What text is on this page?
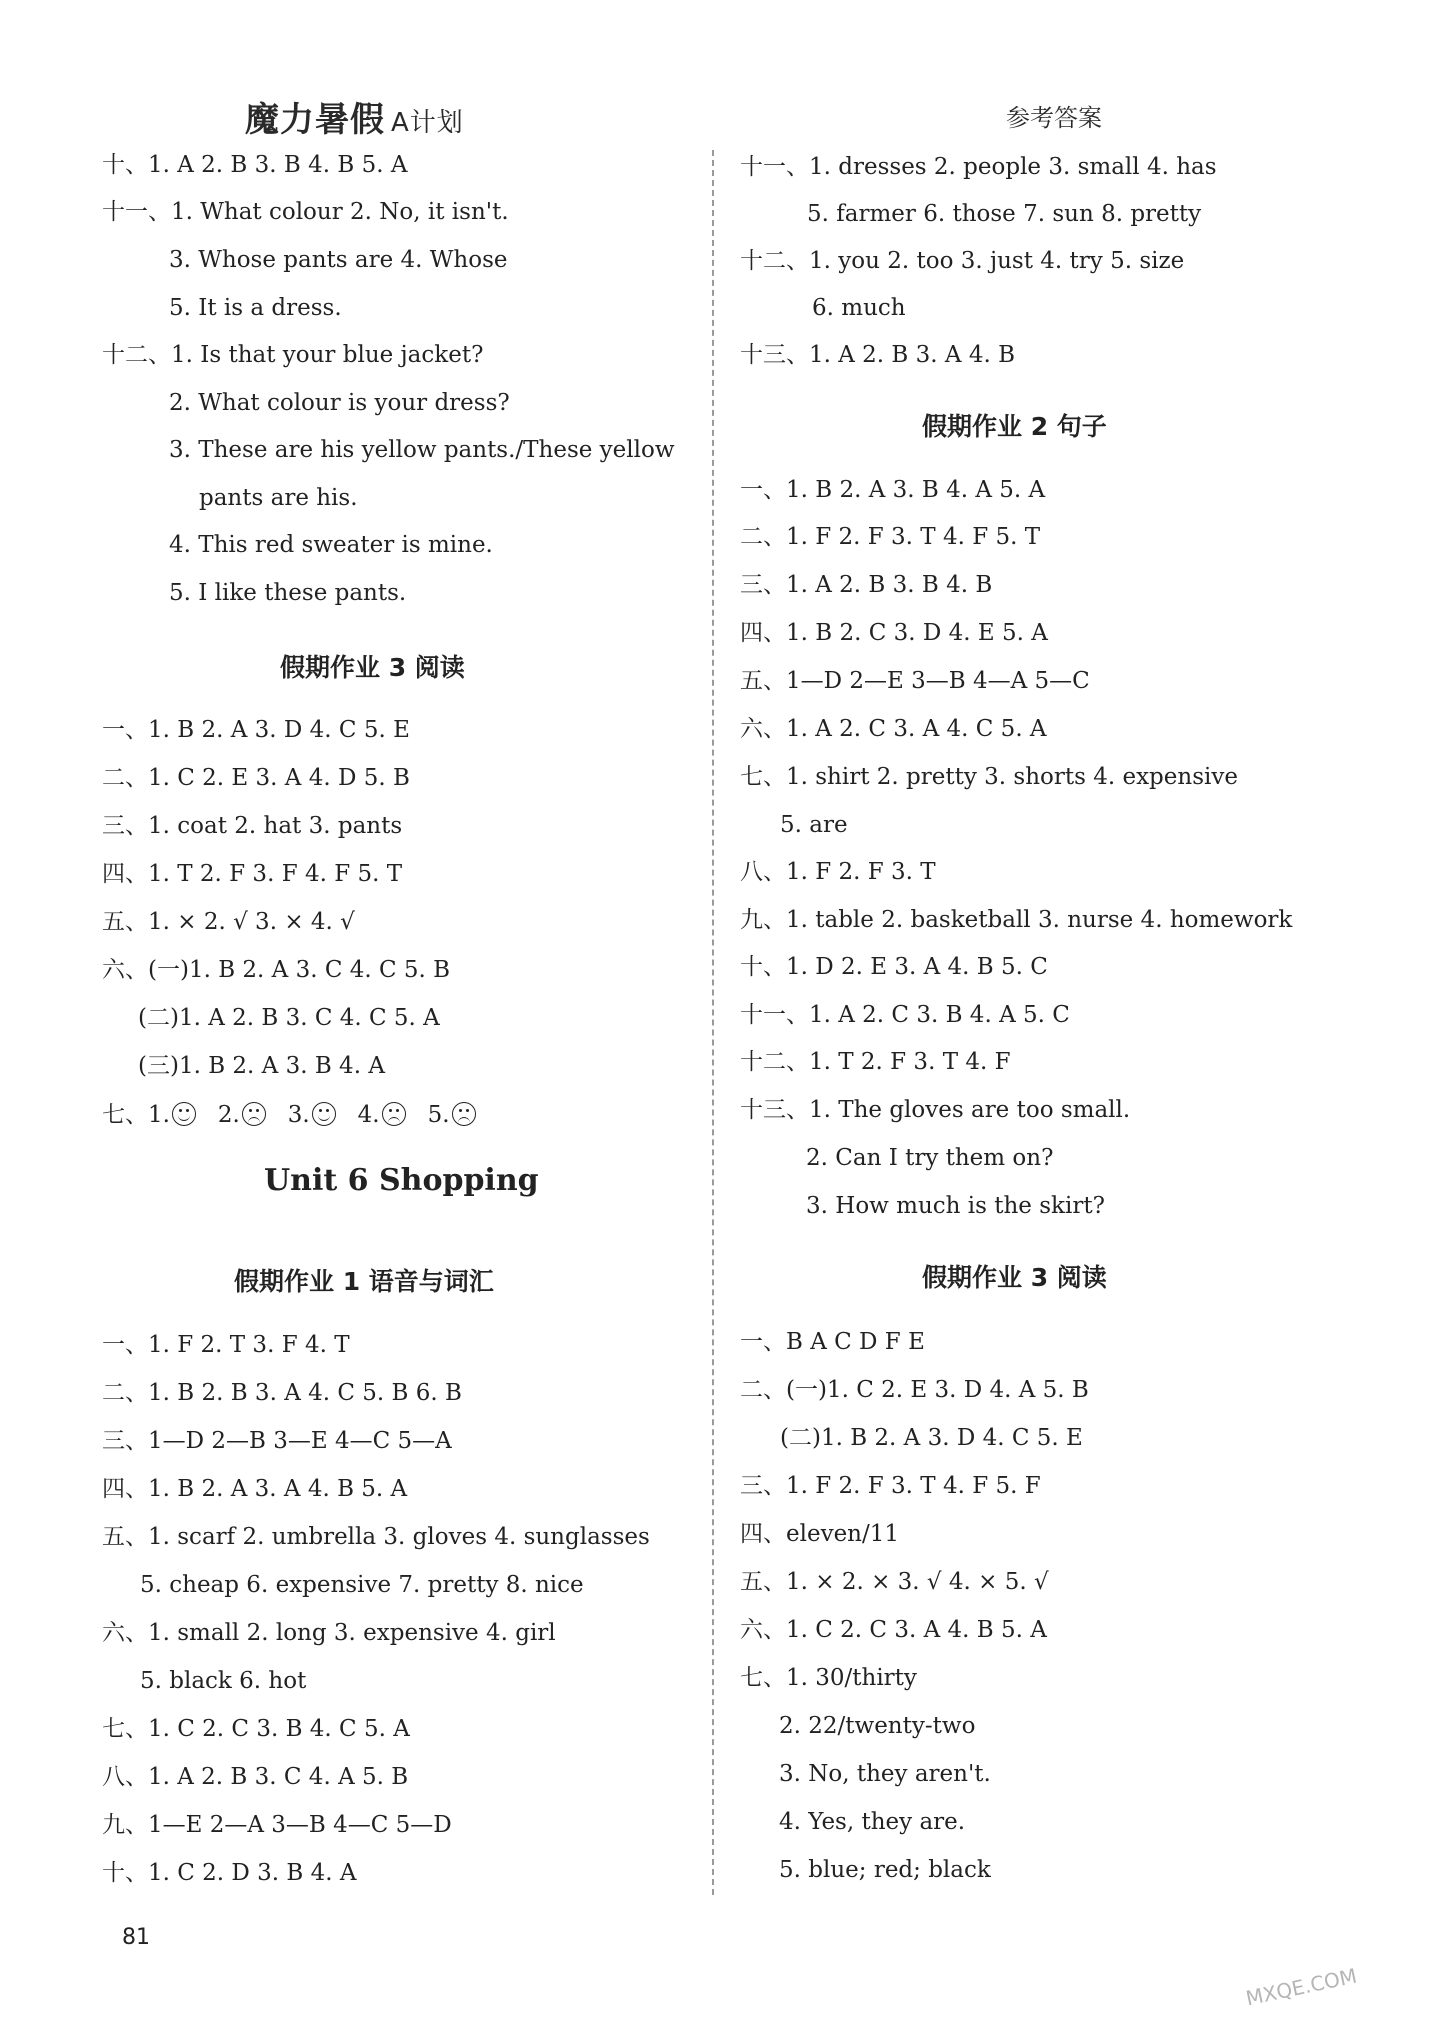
魔力暑假 A计划	参考答案
十、1. A 2. B 3. B 4. B 5. A
十一、1. What colour 2. No, it isn't.
3. Whose pants are 4. Whose
5. It is a dress.
十二、1. Is that your blue jacket?
2. What colour is your dress?
3. These are his yellow pants./These yellow
pants are his.
4. This red sweater is mine.
5. I like these pants.
假期作业 3 阅读
一、1. B 2. A 3. D 4. C 5. E
二、1. C 2. E 3. A 4. D 5. B
三、1. coat 2. hat 3. pants
四、1. T 2. F 3. F 4. F 5. T
五、1. × 2. √ 3. × 4. √
六、(一)1. B 2. A 3. C 4. C 5. B
(二)1. A 2. B 3. C 4. C 5. A
(三)1. B 2. A 3. B 4. A
七、1. 2. 3. 4. 5.
Unit 6 Shopping
假期作业 1 语音与词汇
一、1. F 2. T 3. F 4. T
二、1. B 2. B 3. A 4. C 5. B 6. B
三、1—D 2—B 3—E 4—C 5—A
四、1. B 2. A 3. A 4. B 5. A
五、1. scarf 2. umbrella 3. gloves 4. sunglasses
5. cheap 6. expensive 7. pretty 8. nice
六、1. small 2. long 3. expensive 4. girl
5. black 6. hot
七、1. C 2. C 3. B 4. C 5. A
八、1. A 2. B 3. C 4. A 5. B
九、1—E 2—A 3—B 4—C 5—D
十、1. C 2. D 3. B 4. A
十一、1. dresses 2. people 3. small 4. has
5. farmer 6. those 7. sun 8. pretty
十二、1. you 2. too 3. just 4. try 5. size
6. much
十三、1. A 2. B 3. A 4. B
假期作业 2 句子
一、1. B 2. A 3. B 4. A 5. A
二、1. F 2. F 3. T 4. F 5. T
三、1. A 2. B 3. B 4. B
四、1. B 2. C 3. D 4. E 5. A
五、1—D 2—E 3—B 4—A 5—C
六、1. A 2. C 3. A 4. C 5. A
七、1. shirt 2. pretty 3. shorts 4. expensive
5. are
八、1. F 2. F 3. T
九、1. table 2. basketball 3. nurse 4. homework
十、1. D 2. E 3. A 4. B 5. C
十一、1. A 2. C 3. B 4. A 5. C
十二、1. T 2. F 3. T 4. F
十三、1. The gloves are too small.
2. Can I try them on?
3. How much is the skirt?
假期作业 3 阅读
一、B A C D F E
二、(一)1. C 2. E 3. D 4. A 5. B
(二)1. B 2. A 3. D 4. C 5. E
三、1. F 2. F 3. T 4. F 5. F
四、eleven/11
五、1. × 2. × 3. √ 4. × 5. √
六、1. C 2. C 3. A 4. B 5. A
七、1. 30/thirty
2. 22/twenty-two
3. No, they aren't.
4. Yes, they are.
5. blue; red; black
81
MXQE.COM
